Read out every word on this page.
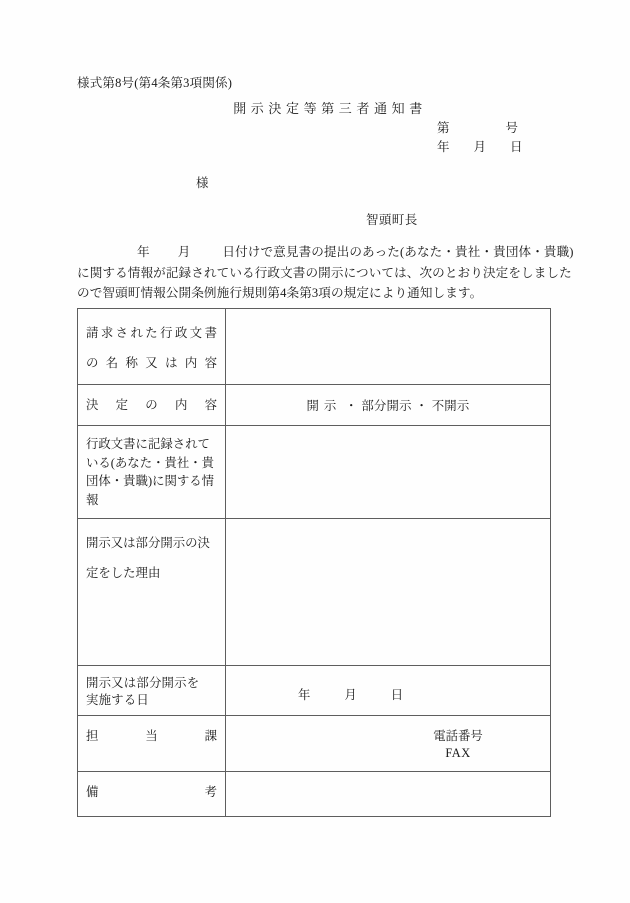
様式第8号(第4条第3項関係)
開示決定等第三者通知書
第	号
年 月 日
様
智頭町長
年 月	日付けで意見書の提出のあった(あなた・貴社・貴団体・貴職)
に関する情報が記録されている行政文書の開示については、次のとおり決定をしました
ので智頭町情報公開条例施行規則第4条第3項の規定により通知します。
請求された行政文書
の名称又は内容	

決定の内容	開示 ・ 部分開示 ・ 不開示

行政文書に記録されて
いる(あなた・貴社・貴
団体・貴職)に関する情
報	

開示又は部分開示の決
定をした理由	

開示又は部分開示を
実施する日	年 月 日

担当課	電話番号
FAX

備考	
